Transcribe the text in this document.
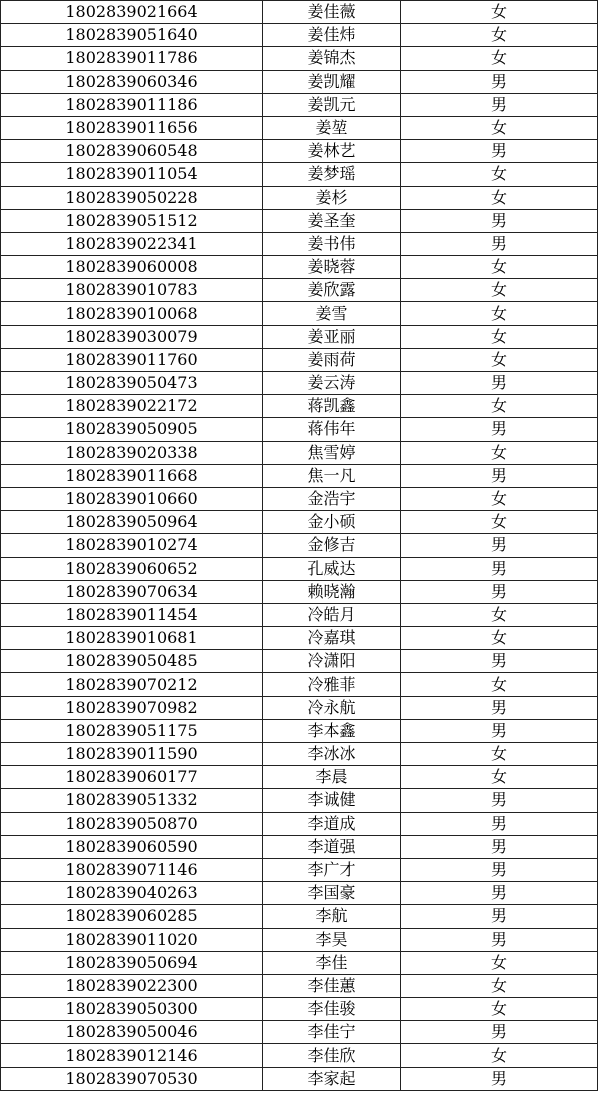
1802839021664	姜佳薇	女
1802839051640	姜佳炜	女
1802839011786	姜锦杰	女
1802839060346	姜凯耀	男
1802839011186	姜凯元	男
1802839011656	姜堃	女
1802839060548	姜林艺	男
1802839011054	姜梦瑶	女
1802839050228	姜杉	女
1802839051512	姜圣奎	男
1802839022341	姜书伟	男
1802839060008	姜晓蓉	女
1802839010783	姜欣露	女
1802839010068	姜雪	女
1802839030079	姜亚丽	女
1802839011760	姜雨荷	女
1802839050473	姜云涛	男
1802839022172	蒋凯鑫	女
1802839050905	蒋伟年	男
1802839020338	焦雪婷	女
1802839011668	焦一凡	男
1802839010660	金浩宇	女
1802839050964	金小硕	女
1802839010274	金修吉	男
1802839060652	孔威达	男
1802839070634	赖晓瀚	男
1802839011454	冷皓月	女
1802839010681	冷嘉琪	女
1802839050485	冷潇阳	男
1802839070212	冷雅菲	女
1802839070982	冷永航	男
1802839051175	李本鑫	男
1802839011590	李冰冰	女
1802839060177	李晨	女
1802839051332	李诚健	男
1802839050870	李道成	男
1802839060590	李道强	男
1802839071146	李广才	男
1802839040263	李国豪	男
1802839060285	李航	男
1802839011020	李昊	男
1802839050694	李佳	女
1802839022300	李佳蕙	女
1802839050300	李佳骏	女
1802839050046	李佳宁	男
1802839012146	李佳欣	女
1802839070530	李家起	男
